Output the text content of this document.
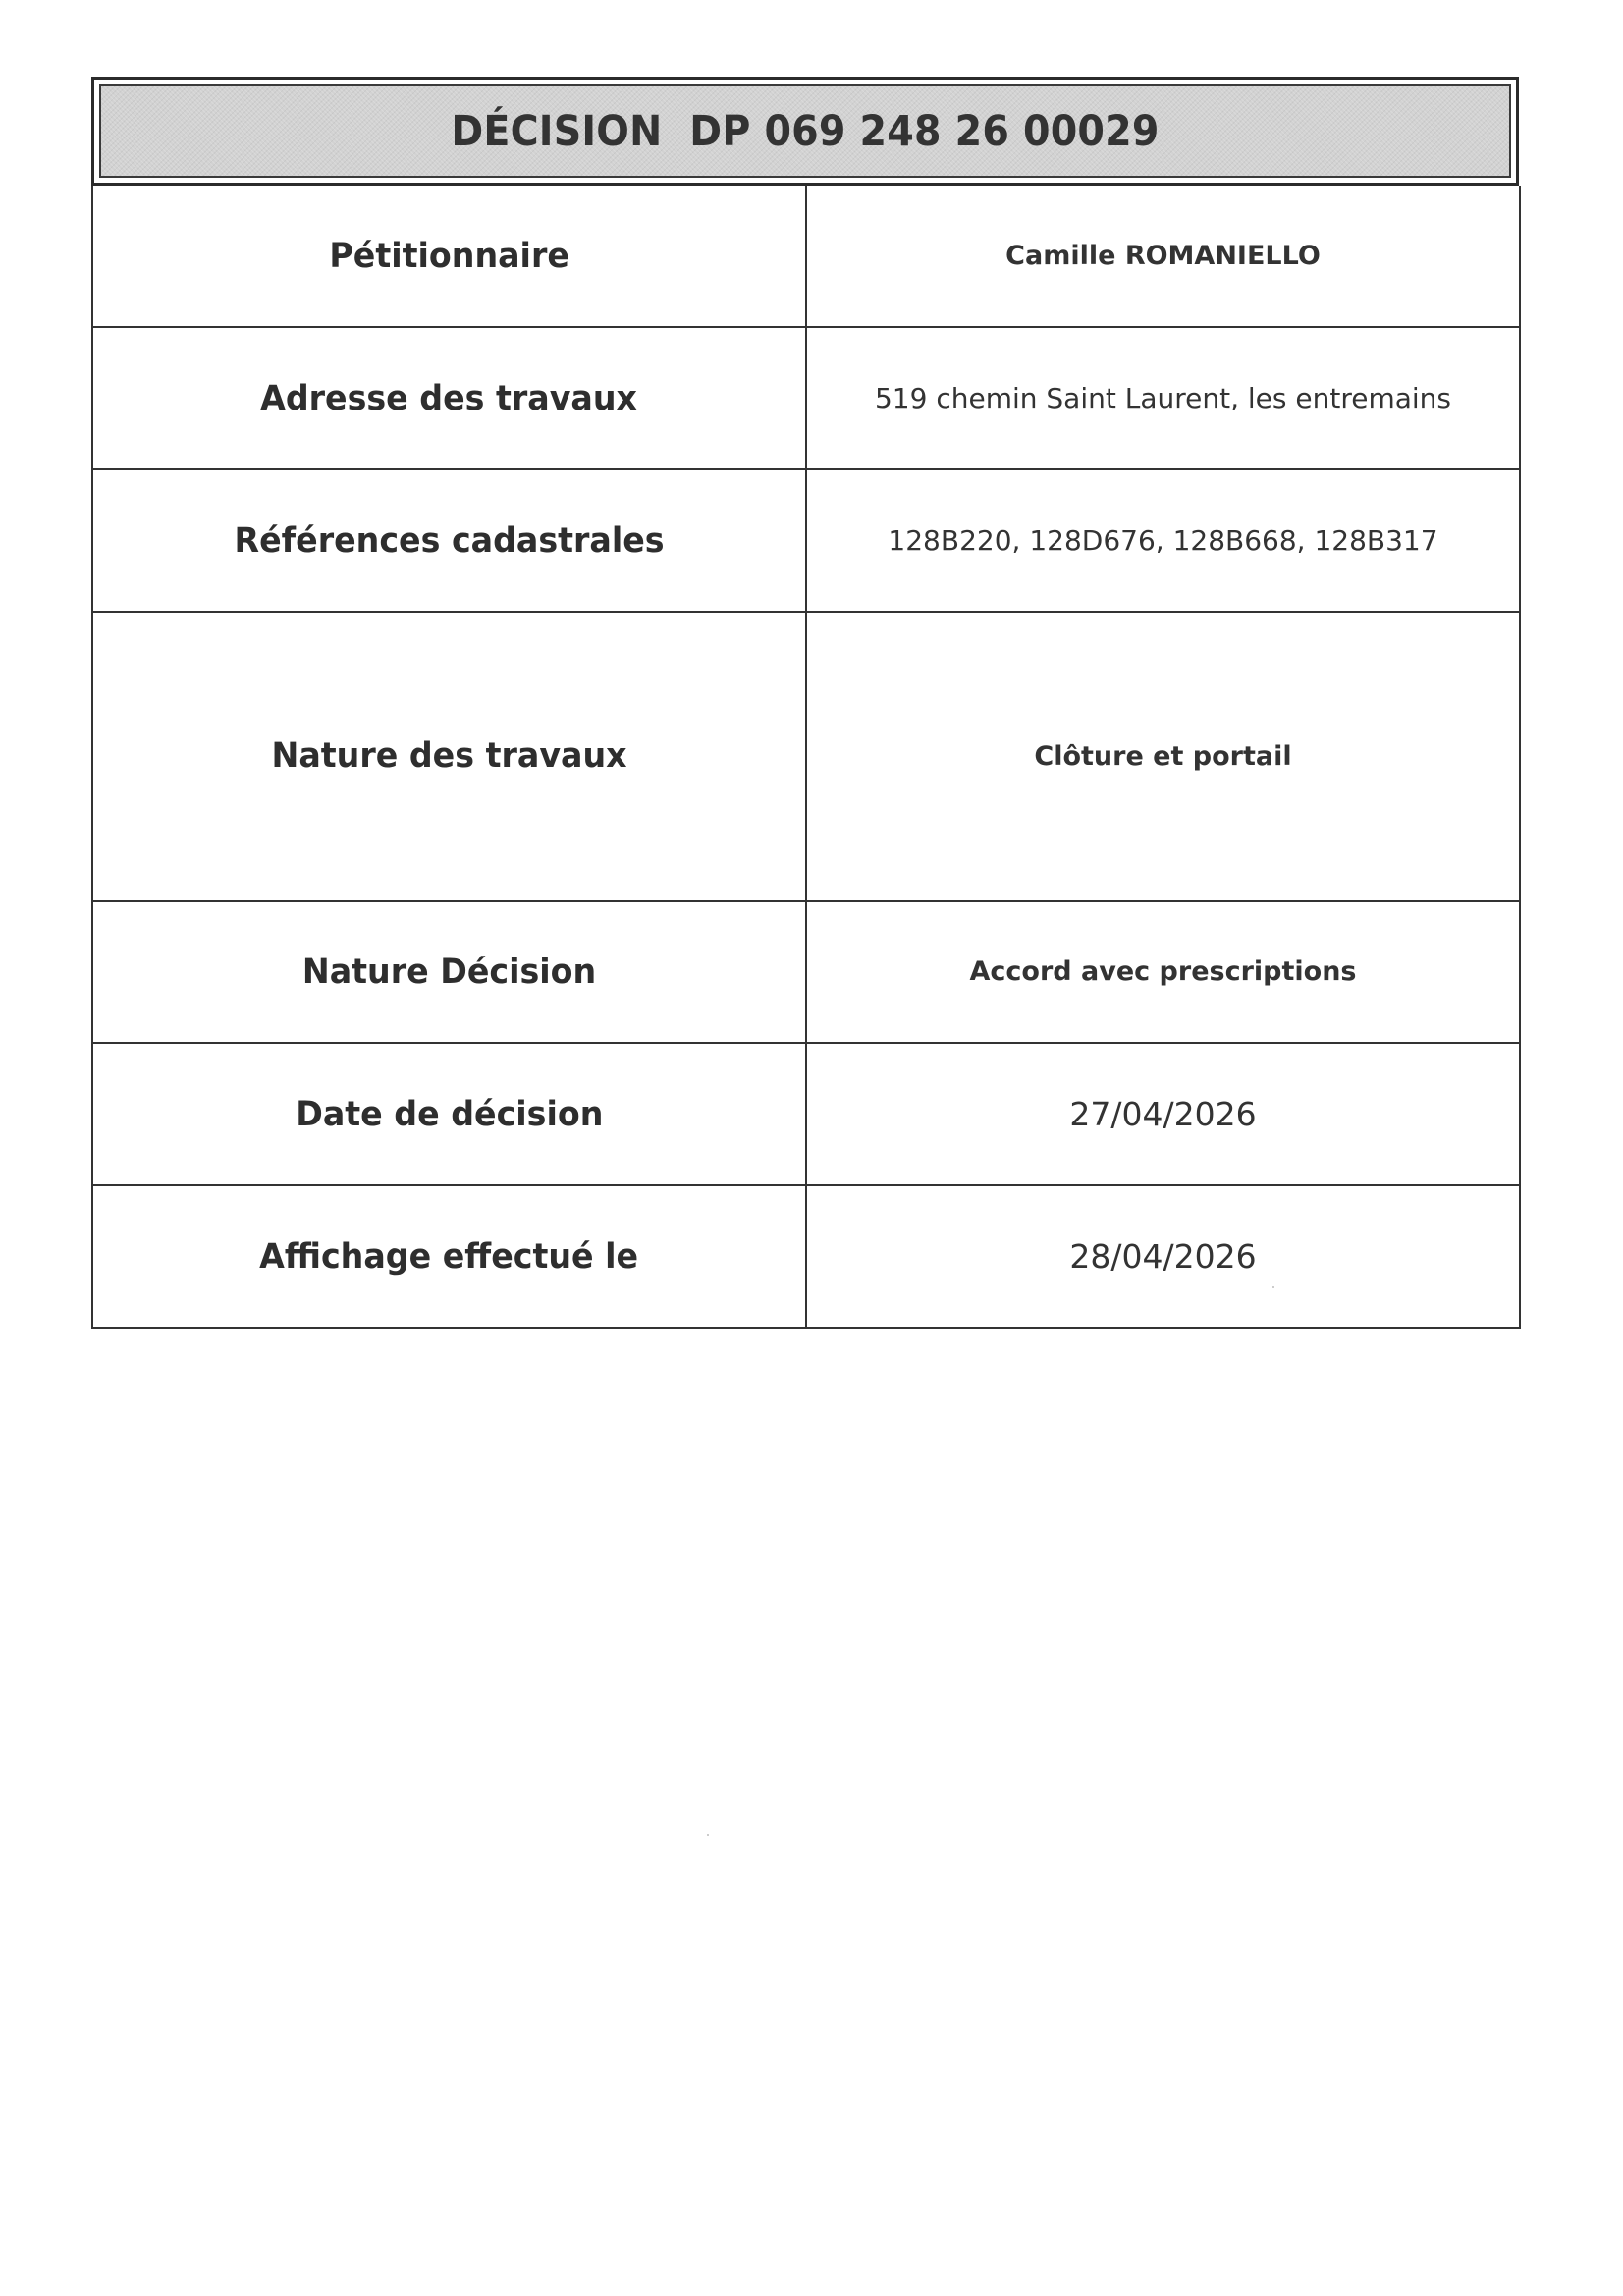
DÉCISION  DP 069 248 26 00029
Pétitionnaire	Camille ROMANIELLO
Adresse des travaux	519 chemin Saint Laurent, les entremains
Références cadastrales	128B220, 128D676, 128B668, 128B317
Nature des travaux	Clôture et portail
Nature Décision	Accord avec prescriptions
Date de décision	27/04/2026
Affichage effectué le	28/04/2026
